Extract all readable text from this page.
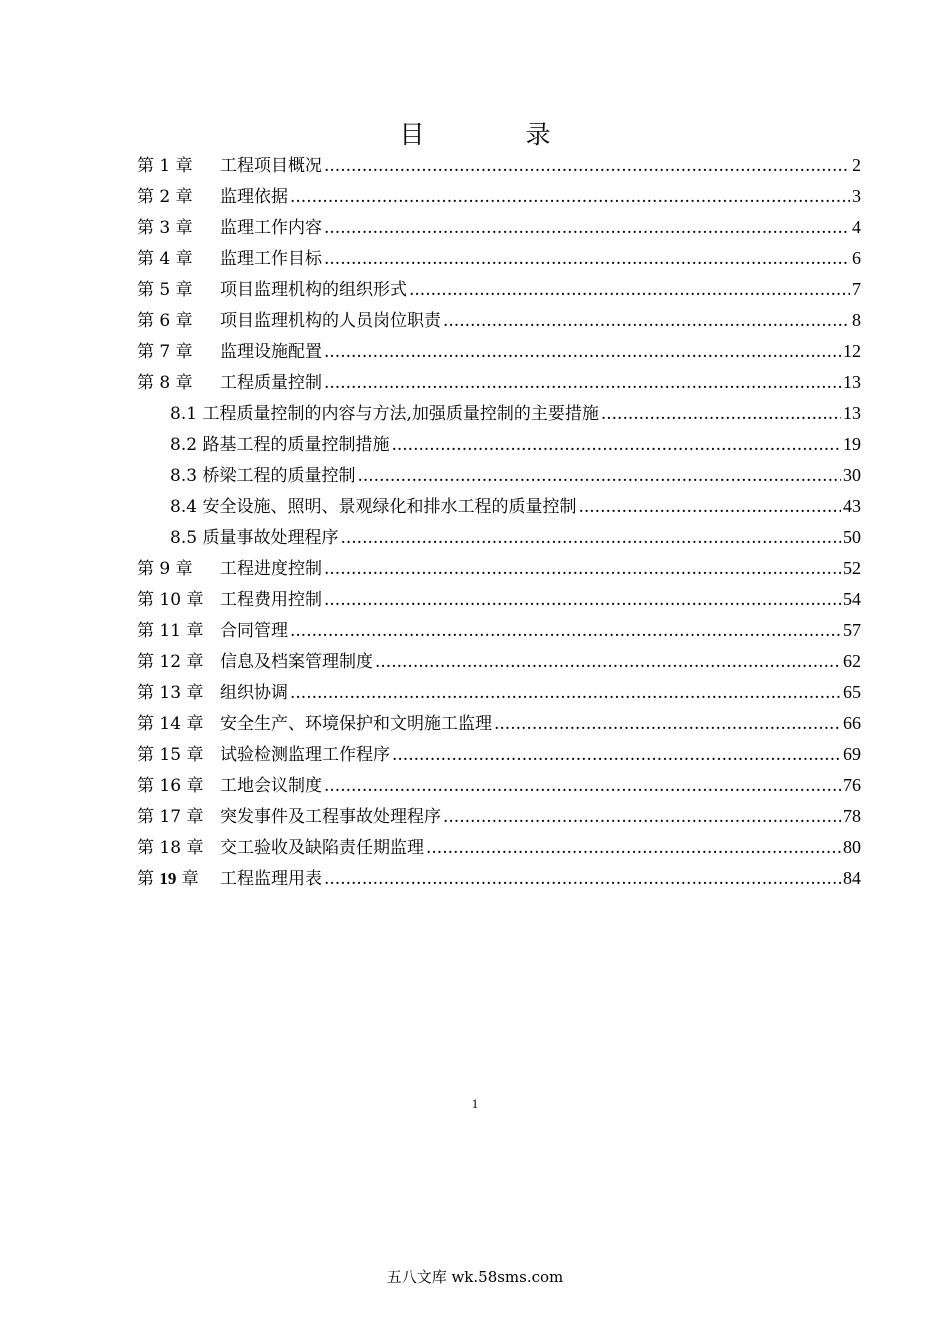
目　录
第 1 章	工程项目概况 .....	2
第 2 章	监理依据 .....	3
第 3 章	监理工作内容 .....	4
第 4 章	监理工作目标 .....	6
第 5 章	项目监理机构的组织形式 .....	7
第 6 章	项目监理机构的人员岗位职责 .....	8
第 7 章	监理设施配置 .....	12
第 8 章	工程质量控制 .....	13
8.1 工程质量控制的内容与方法,加强质量控制的主要措施 .....	13
8.2 路基工程的质量控制措施 .....	19
8.3 桥梁工程的质量控制 .....	30
8.4 安全设施、照明、景观绿化和排水工程的质量控制 .....	43
8.5 质量事故处理程序 .....	50
第 9 章	工程进度控制 .....	52
第 10 章 工程费用控制 .....	54
第 11 章 合同管理 .....	57
第 12 章 信息及档案管理制度 .....	62
第 13 章 组织协调 .....	65
第 14 章 安全生产、环境保护和文明施工监理 .....	66
第 15 章 试验检测监理工作程序 .....	69
第 16 章 工地会议制度 .....	76
第 17 章 突发事件及工程事故处理程序 .....	78
第 18 章 交工验收及缺陷责任期监理 .....	80
第 19 章	工程监理用表 .....	84
1
五八文库 wk.58sms.com
